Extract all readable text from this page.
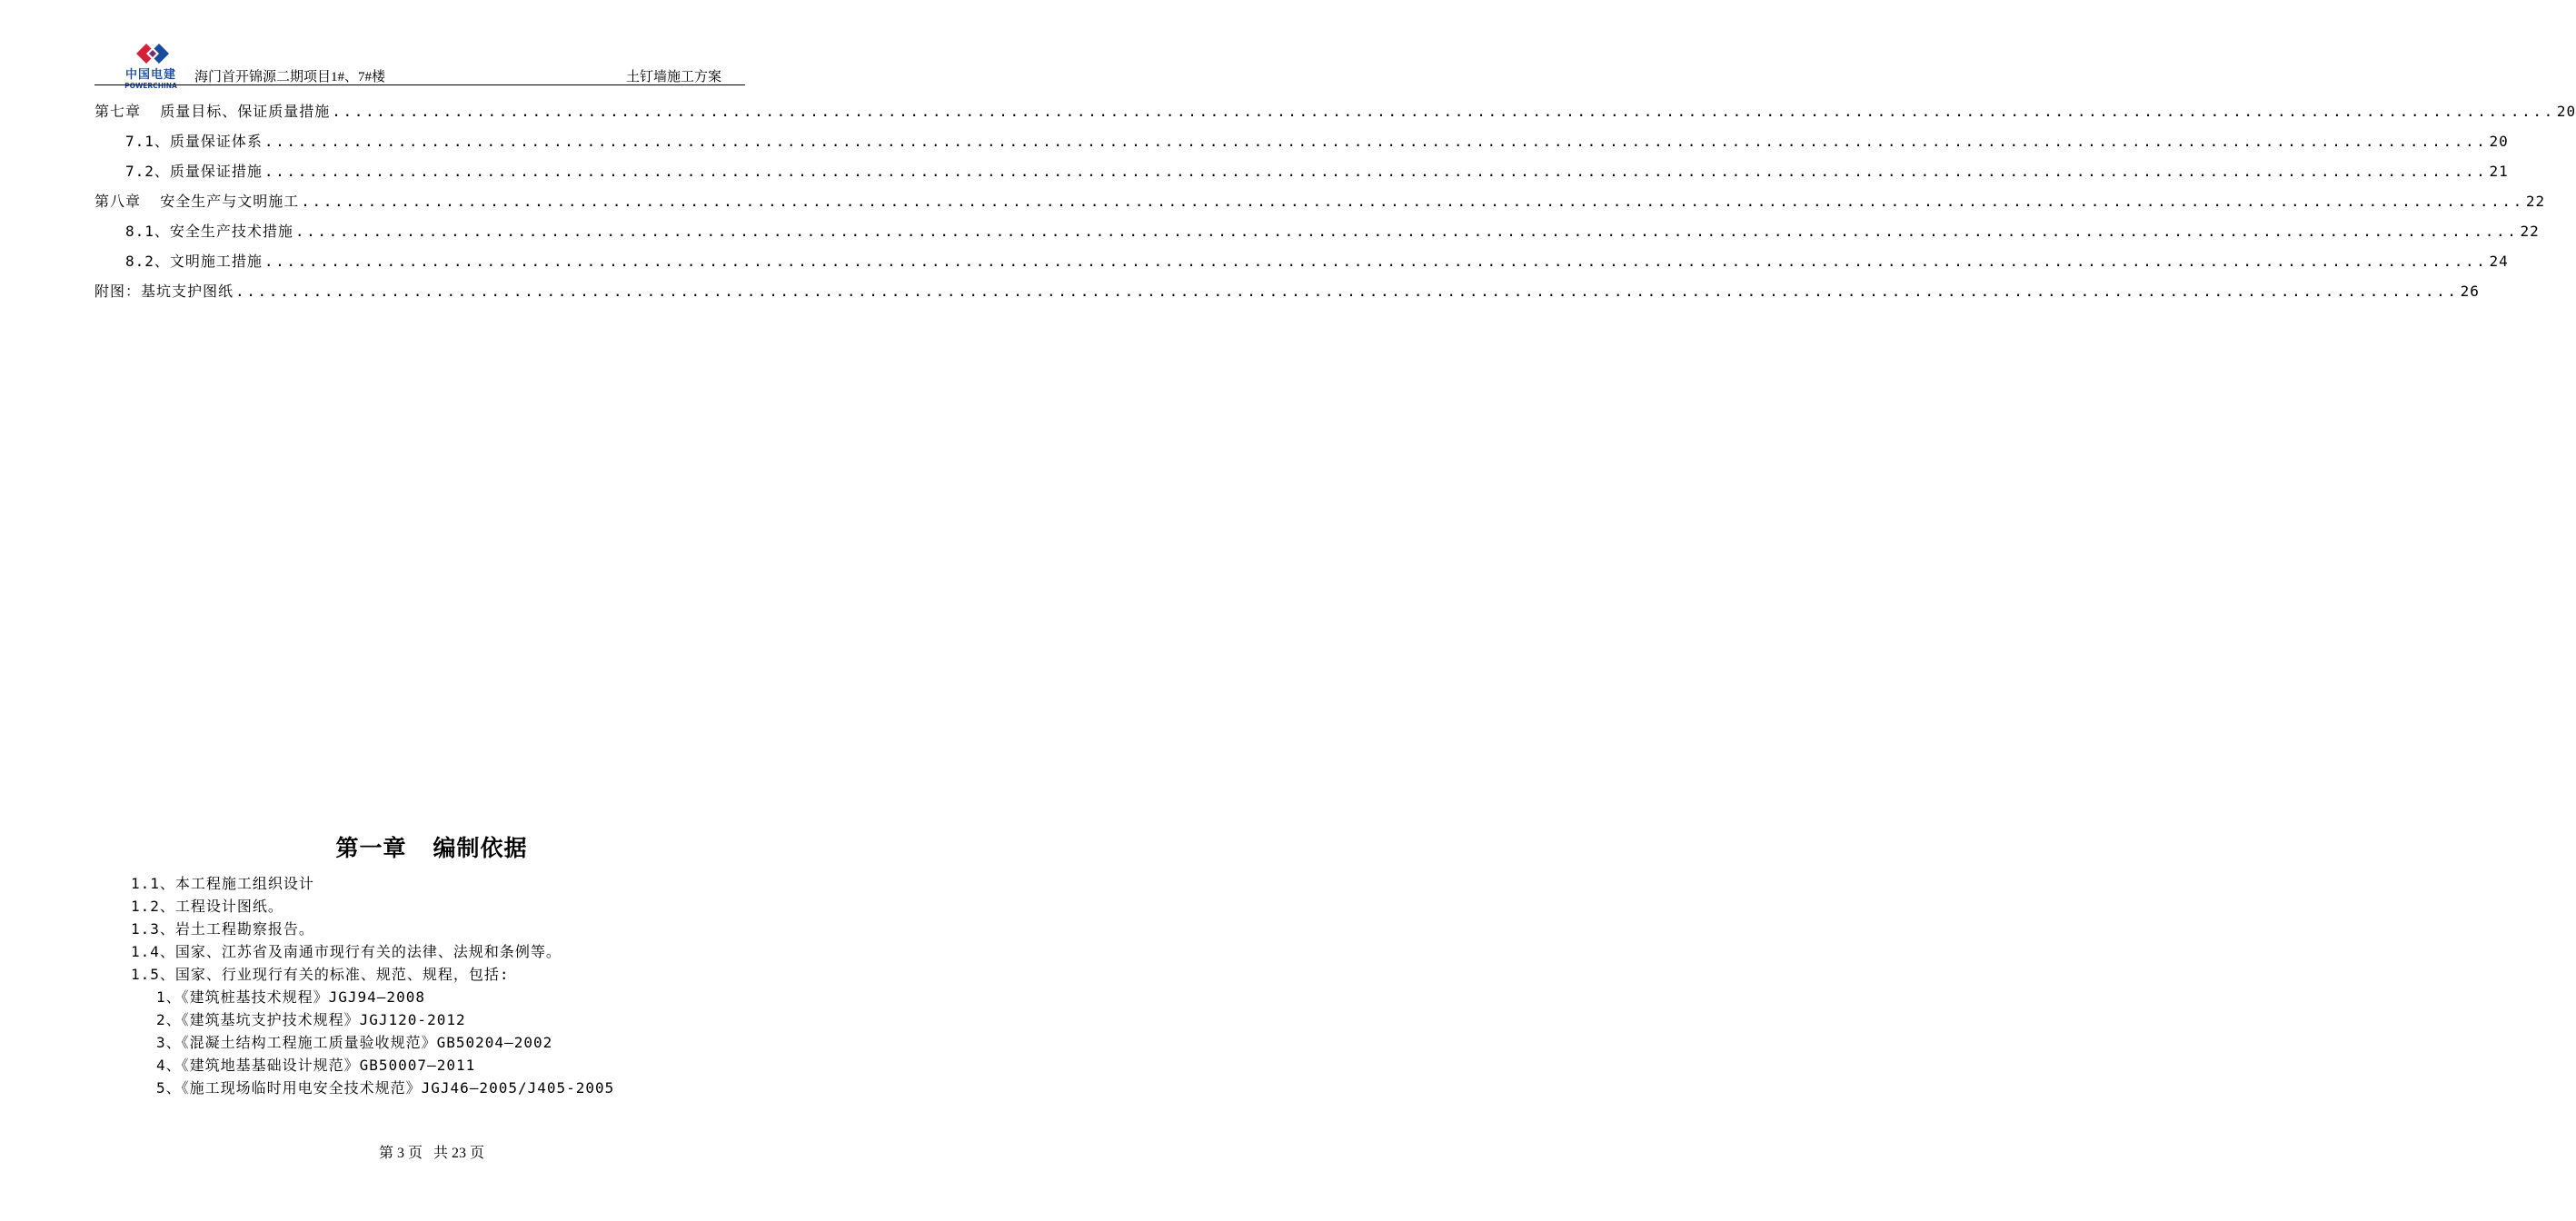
中国电建
POWERCHINA
海门首开锦源二期项目1#、7#楼	土钉墙施工方案
第七章  质量目标、保证质量措施 ........................................................................................................................................................................................................ 20
7.1、质量保证体系 ........................................................................................................................................................................................................ 20
7.2、质量保证措施 ........................................................................................................................................................................................................ 21
第八章  安全生产与文明施工 ........................................................................................................................................................................................................ 22
8.1、安全生产技术措施 ........................................................................................................................................................................................................ 22
8.2、文明施工措施 ........................................................................................................................................................................................................ 24
附图：基坑支护图纸 ........................................................................................................................................................................................................ 26
第一章   编制依据
1.1、本工程施工组织设计
1.2、工程设计图纸。
1.3、岩土工程勘察报告。
1.4、国家、江苏省及南通市现行有关的法律、法规和条例等。
1.5、国家、行业现行有关的标准、规范、规程，包括:
1、《建筑桩基技术规程》JGJ94—2008
2、《建筑基坑支护技术规程》JGJ120-2012
3、《混凝土结构工程施工质量验收规范》GB50204—2002
4、《建筑地基基础设计规范》GB50007—2011
5、《施工现场临时用电安全技术规范》JGJ46—2005/J405-2005
第 3 页   共 23 页
